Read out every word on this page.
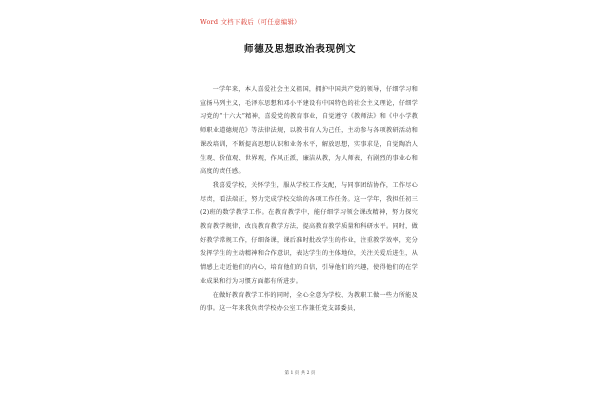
Word 文档下载后（可任意编辑）
师德及思想政治表现例文

一学年来，本人喜爱社会主义祖国，拥护中国共产党的领导，仔细学习和宣扬马列主义，毛泽东思想和邓小平建设有中国特色的社会主义理论，仔细学习党的“十六大”精神，喜爱党的教育事业，自觉遵守《教师法》和《中小学教师职业道德规范》等法律法规，以教书育人为己任，主动参与各项教研活动和课改培训，不断提高思想认识和业务水平，解放思想，实事求是，自觉陶冶人生观、价值观、世界观，作风正派，廉洁从教，为人师表，有剧烈的事业心和高度的责任感。

我喜爱学校，关怀学生，服从学校工作支配，与同事团结协作，工作尽心尽责，看法端正，努力完成学校交给的各项工作任务。这一学年，我担任初三(2)班的数学教学工作。在教育教学中，能仔细学习领会课改精神，努力探究教育教学规律，改良教育教学方法，提高教育教学质量和科研水平。同时，做好教学常规工作，仔细备课，课后准时批改学生的作业，注重教学效率，充分发挥学生的主动精神和合作意识，表达学生的主体地位，关注关爱后进生，从情感上走近他们的内心，培育他们的自信，引导他们的兴趣，使得他们的在学业成果和行为习惯方面都有所进步。

在做好教育教学工作的同时，全心全意为学校、为教职工做一些力所能及的事。这一年来我负责学校办公室工作兼任党支部委员，

第 1 页 共 2 页
